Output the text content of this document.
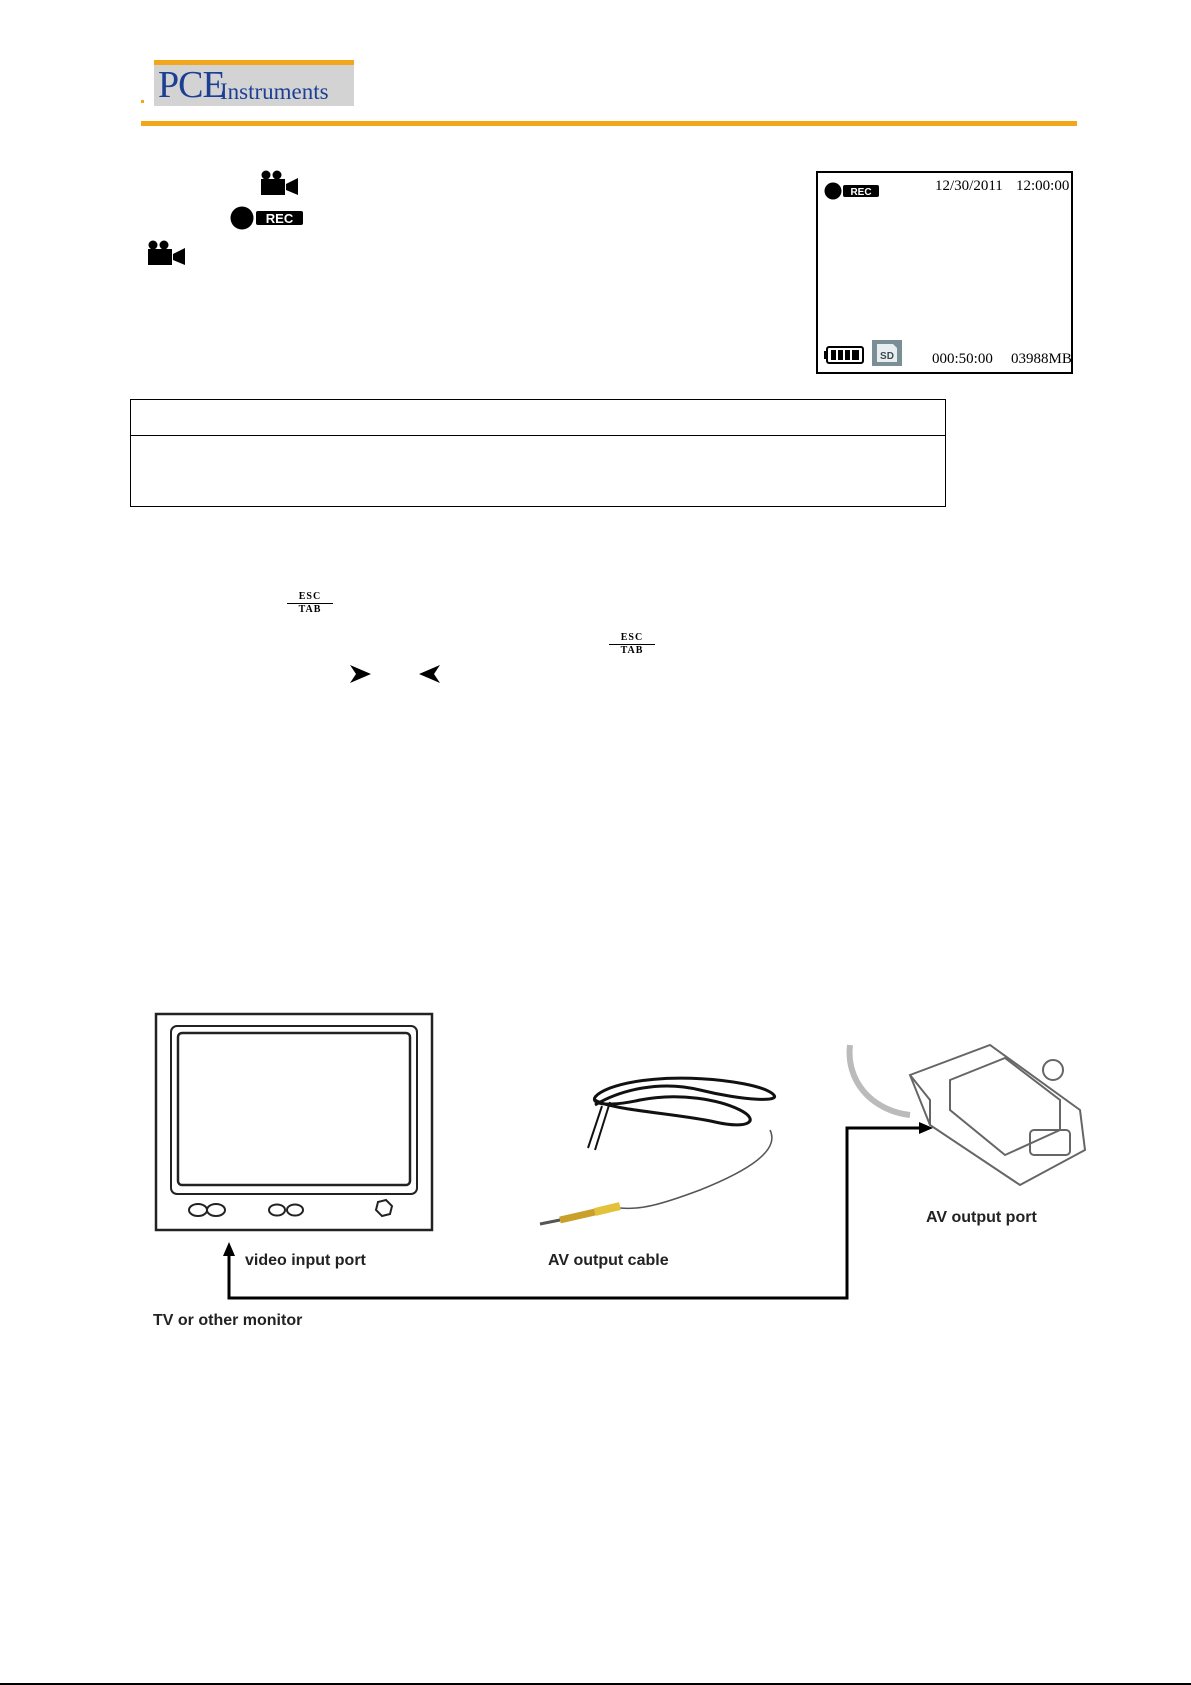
PCE
Instruments
REC
REC	12/30/2011 12:00:00
SD	000:50:00 03988MB
ESC
TAB
ESC
TAB
TV or other monitor
video input port	AV output cable
AV output port
